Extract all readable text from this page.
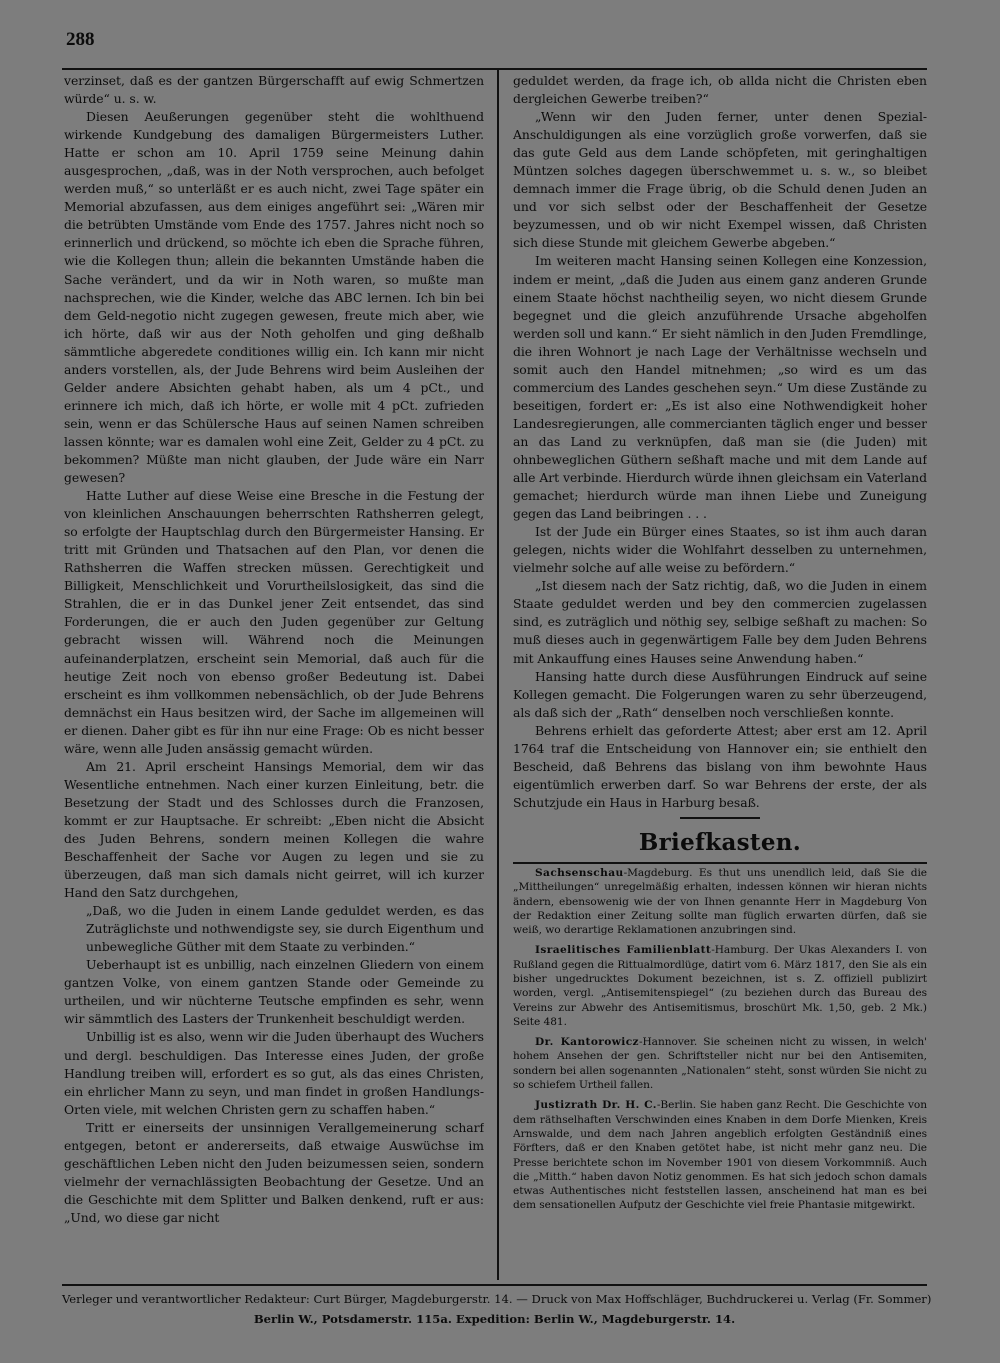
288

verzinset, daß es der gantzen Bürgerschafft auf ewig Schmertzen würde“ u. s. w.

Diesen Aeußerungen gegenüber steht die wohlthuend wirkende Kundgebung des damaligen Bürgermeisters Luther. Hatte er schon am 10. April 1759 seine Meinung dahin ausgesprochen, „daß, was in der Noth versprochen, auch befolget werden muß,“ so unterläßt er es auch nicht, zwei Tage später ein Memorial abzufassen, aus dem einiges angeführt sei: „Wären mir die betrübten Umstände vom Ende des 1757. Jahres nicht noch so erinnerlich und drückend, so möchte ich eben die Sprache führen, wie die Kollegen thun; allein die bekannten Umstände haben die Sache verändert, und da wir in Noth waren, so mußte man nachsprechen, wie die Kinder, welche das ABC lernen. Ich bin bei dem Geld-negotio nicht zugegen gewesen, freute mich aber, wie ich hörte, daß wir aus der Noth geholfen und ging deßhalb sämmtliche abgeredete conditiones willig ein. Ich kann mir nicht anders vorstellen, als, der Jude Behrens wird beim Ausleihen der Gelder andere Absichten gehabt haben, als um 4 pCt., und erinnere ich mich, daß ich hörte, er wolle mit 4 pCt. zufrieden sein, wenn er das Schülersche Haus auf seinen Namen schreiben lassen könnte; war es damalen wohl eine Zeit, Gelder zu 4 pCt. zu bekommen? Müßte man nicht glauben, der Jude wäre ein Narr gewesen?

Hatte Luther auf diese Weise eine Bresche in die Festung der von kleinlichen Anschauungen beherrschten Rathsherren gelegt, so erfolgte der Hauptschlag durch den Bürgermeister Hansing. Er tritt mit Gründen und Thatsachen auf den Plan, vor denen die Rathsherren die Waffen strecken müssen. Gerechtigkeit und Billigkeit, Menschlichkeit und Vorurtheilslosigkeit, das sind die Strahlen, die er in das Dunkel jener Zeit entsendet, das sind Forderungen, die er auch den Juden gegenüber zur Geltung gebracht wissen will. Während noch die Meinungen aufeinanderplatzen, erscheint sein Memorial, daß auch für die heutige Zeit noch von ebenso großer Bedeutung ist. Dabei erscheint es ihm vollkommen nebensächlich, ob der Jude Behrens demnächst ein Haus besitzen wird, der Sache im allgemeinen will er dienen. Daher gibt es für ihn nur eine Frage: Ob es nicht besser wäre, wenn alle Juden ansässig gemacht würden.

Am 21. April erscheint Hansings Memorial, dem wir das Wesentliche entnehmen. Nach einer kurzen Einleitung, betr. die Besetzung der Stadt und des Schlosses durch die Franzosen, kommt er zur Hauptsache. Er schreibt: „Eben nicht die Absicht des Juden Behrens, sondern meinen Kollegen die wahre Beschaffenheit der Sache vor Augen zu legen und sie zu überzeugen, daß man sich damals nicht geirret, will ich kurzer Hand den Satz durchgehen,

„Daß, wo die Juden in einem Lande geduldet werden, es das Zuträglichste und nothwendigste sey, sie durch Eigenthum und unbewegliche Güther mit dem Staate zu verbinden.“

Ueberhaupt ist es unbillig, nach einzelnen Gliedern von einem gantzen Volke, von einem gantzen Stande oder Gemeinde zu urtheilen, und wir nüchterne Teutsche empfinden es sehr, wenn wir sämmtlich des Lasters der Trunkenheit beschuldigt werden.

Unbillig ist es also, wenn wir die Juden überhaupt des Wuchers und dergl. beschuldigen. Das Interesse eines Juden, der große Handlung treiben will, erfordert es so gut, als das eines Christen, ein ehrlicher Mann zu seyn, und man findet in großen Handlungs-Orten viele, mit welchen Christen gern zu schaffen haben.“

Tritt er einerseits der unsinnigen Verallgemeinerung scharf entgegen, betont er andererseits, daß etwaige Auswüchse im geschäftlichen Leben nicht den Juden beizumessen seien, sondern vielmehr der vernachlässigten Beobachtung der Gesetze. Und an die Geschichte mit dem Splitter und Balken denkend, ruft er aus: „Und, wo diese gar nicht

geduldet werden, da frage ich, ob allda nicht die Christen eben dergleichen Gewerbe treiben?“

„Wenn wir den Juden ferner, unter denen Spezial-Anschuldigungen als eine vorzüglich große vorwerfen, daß sie das gute Geld aus dem Lande schöpfeten, mit geringhaltigen Müntzen solches dagegen überschwemmet u. s. w., so bleibet demnach immer die Frage übrig, ob die Schuld denen Juden an und vor sich selbst oder der Beschaffenheit der Gesetze beyzumessen, und ob wir nicht Exempel wissen, daß Christen sich diese Stunde mit gleichem Gewerbe abgeben.“

Im weiteren macht Hansing seinen Kollegen eine Konzession, indem er meint, „daß die Juden aus einem ganz anderen Grunde einem Staate höchst nachtheilig seyen, wo nicht diesem Grunde begegnet und die gleich anzuführende Ursache abgeholfen werden soll und kann.“ Er sieht nämlich in den Juden Fremdlinge, die ihren Wohnort je nach Lage der Verhältnisse wechseln und somit auch den Handel mitnehmen; „so wird es um das commercium des Landes geschehen seyn.“ Um diese Zustände zu beseitigen, fordert er: „Es ist also eine Nothwendigkeit hoher Landesregierungen, alle commercianten täglich enger und besser an das Land zu verknüpfen, daß man sie (die Juden) mit ohnbeweglichen Güthern seßhaft mache und mit dem Lande auf alle Art verbinde. Hierdurch würde ihnen gleichsam ein Vaterland gemachet; hierdurch würde man ihnen Liebe und Zuneigung gegen das Land beibringen . . .

Ist der Jude ein Bürger eines Staates, so ist ihm auch daran gelegen, nichts wider die Wohlfahrt desselben zu unternehmen, vielmehr solche auf alle weise zu befördern.“

„Ist diesem nach der Satz richtig, daß, wo die Juden in einem Staate geduldet werden und bey den commercien zugelassen sind, es zuträglich und nöthig sey, selbige seßhaft zu machen: So muß dieses auch in gegenwärtigem Falle bey dem Juden Behrens mit Ankauffung eines Hauses seine Anwendung haben.“

Hansing hatte durch diese Ausführungen Eindruck auf seine Kollegen gemacht. Die Folgerungen waren zu sehr überzeugend, als daß sich der „Rath“ denselben noch verschließen konnte.

Behrens erhielt das geforderte Attest; aber erst am 12. April 1764 traf die Entscheidung von Hannover ein; sie enthielt den Bescheid, daß Behrens das bislang von ihm bewohnte Haus eigentümlich erwerben darf. So war Behrens der erste, der als Schutzjude ein Haus in Harburg besaß.

Briefkasten.

Sachsenschau-Magdeburg. Es thut uns unendlich leid, daß Sie die „Mittheilungen“ unregelmäßig erhalten, indessen können wir hieran nichts ändern, ebensowenig wie der von Ihnen genannte Herr in Magdeburg Von der Redaktion einer Zeitung sollte man füglich erwarten dürfen, daß sie weiß, wo derartige Reklamationen anzubringen sind.

Israelitisches Familienblatt-Hamburg. Der Ukas Alexanders I. von Rußland gegen die Rittualmordlüge, datirt vom 6. März 1817, den Sie als ein bisher ungedrucktes Dokument bezeichnen, ist s. Z. offiziell publizirt worden, vergl. „Antisemitenspiegel“ (zu beziehen durch das Bureau des Vereins zur Abwehr des Antisemitismus, broschürt Mk. 1,50, geb. 2 Mk.) Seite 481.

Dr. Kantorowicz-Hannover. Sie scheinen nicht zu wissen, in welch' hohem Ansehen der gen. Schriftsteller nicht nur bei den Antisemiten, sondern bei allen sogenannten „Nationalen“ steht, sonst würden Sie nicht zu so schiefem Urtheil fallen.

Justizrath Dr. H. C.-Berlin. Sie haben ganz Recht. Die Geschichte von dem räthselhaften Verschwinden eines Knaben in dem Dorfe Mienken, Kreis Arnswalde, und dem nach Jahren angeblich erfolgten Geständniß eines Förfters, daß er den Knaben getötet habe, ist nicht mehr ganz neu. Die Presse berichtete schon im November 1901 von diesem Vorkommniß. Auch die „Mitth.“ haben davon Notiz genommen. Es hat sich jedoch schon damals etwas Authentisches nicht feststellen lassen, anscheinend hat man es bei dem sensationellen Aufputz der Geschichte viel freie Phantasie mitgewirkt.

Verleger und verantwortlicher Redakteur: Curt Bürger, Magdeburgerstr. 14. — Druck von Max Hoffschläger, Buchdruckerei u. Verlag (Fr. Sommer)
Berlin W., Potsdamerstr. 115a. Expedition: Berlin W., Magdeburgerstr. 14.
